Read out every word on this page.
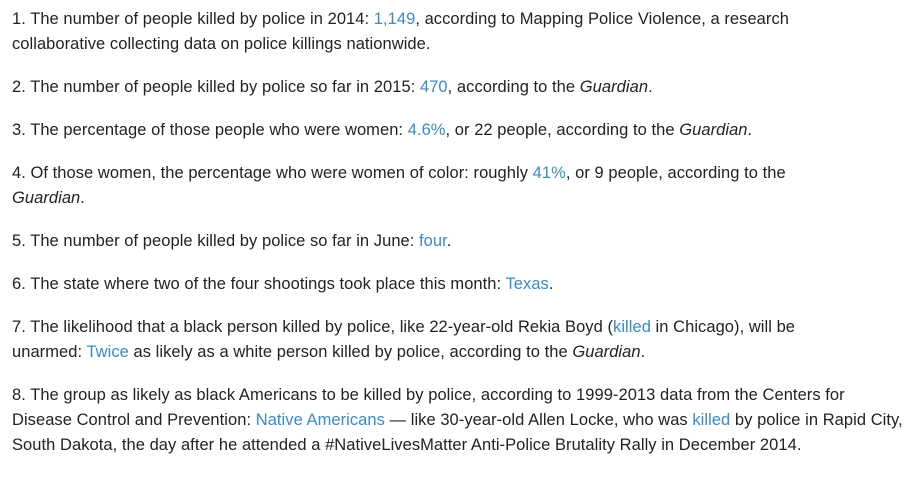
1. The number of people killed by police in 2014: 1,149, according to Mapping Police Violence, a research collaborative collecting data on police killings nationwide.

2. The number of people killed by police so far in 2015: 470, according to the Guardian.

3. The percentage of those people who were women: 4.6%, or 22 people, according to the Guardian.

4. Of those women, the percentage who were women of color: roughly 41%, or 9 people, according to the Guardian.

5. The number of people killed by police so far in June: four.

6. The state where two of the four shootings took place this month: Texas.

7. The likelihood that a black person killed by police, like 22-year-old Rekia Boyd (killed in Chicago), will be unarmed: Twice as likely as a white person killed by police, according to the Guardian.

8. The group as likely as black Americans to be killed by police, according to 1999-2013 data from the Centers for Disease Control and Prevention: Native Americans — like 30-year-old Allen Locke, who was killed by police in Rapid City, South Dakota, the day after he attended a #NativeLivesMatter Anti-Police Brutality Rally in December 2014.
